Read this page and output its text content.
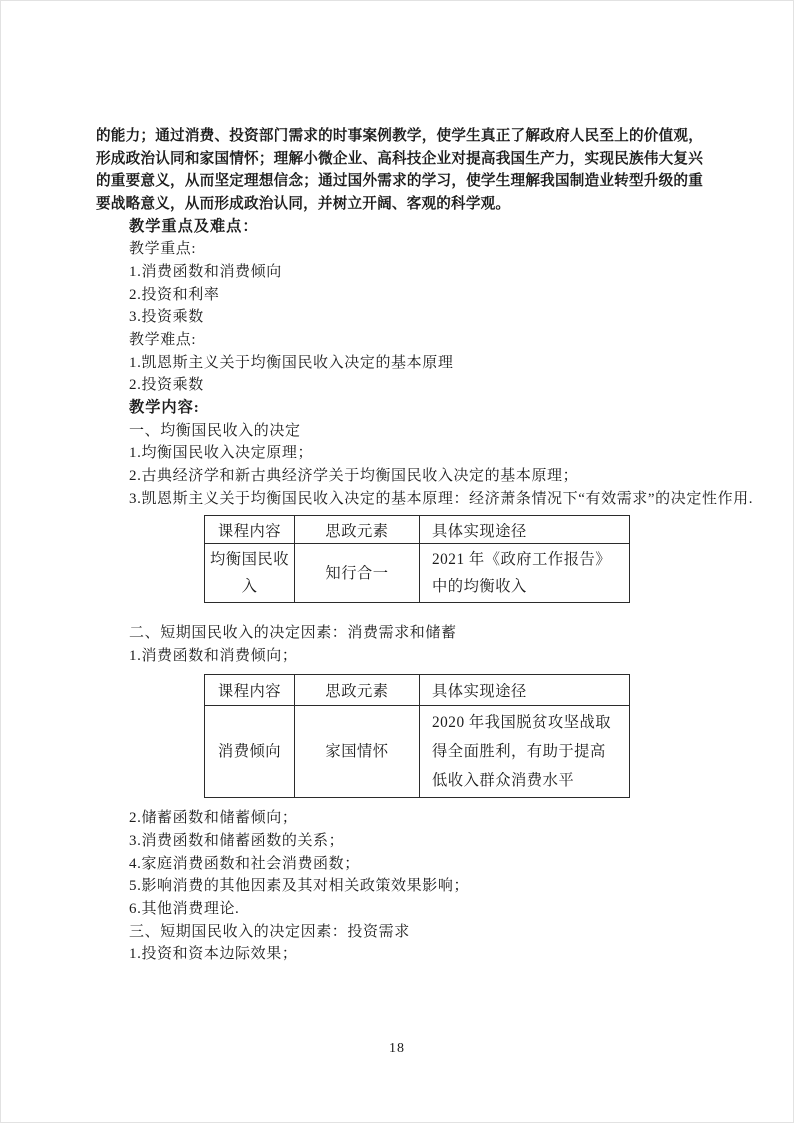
的能力；通过消费、投资部门需求的时事案例教学，使学生真正了解政府人民至上的价值观，形成政治认同和家国情怀；理解小微企业、高科技企业对提高我国生产力，实现民族伟大复兴的重要意义，从而坚定理想信念；通过国外需求的学习，使学生理解我国制造业转型升级的重要战略意义，从而形成政治认同，并树立开阔、客观的科学观。

教学重点及难点：
教学重点:
1.消费函数和消费倾向
2.投资和利率
3.投资乘数
教学难点:
1.凯恩斯主义关于均衡国民收入决定的基本原理
2.投资乘数
教学内容:
一、均衡国民收入的决定
1.均衡国民收入决定原理；
2.古典经济学和新古典经济学关于均衡国民收入决定的基本原理；
3.凯恩斯主义关于均衡国民收入决定的基本原理：经济萧条情况下“有效需求”的决定性作用.
课程内容	思政元素	具体实现途径
均衡国民收入	知行合一	2021 年《政府工作报告》中的均衡收入
二、短期国民收入的决定因素：消费需求和储蓄
1.消费函数和消费倾向；
课程内容	思政元素	具体实现途径
消费倾向	家国情怀	2020 年我国脱贫攻坚战取得全面胜利，有助于提高低收入群众消费水平
2.储蓄函数和储蓄倾向；
3.消费函数和储蓄函数的关系；
4.家庭消费函数和社会消费函数；
5.影响消费的其他因素及其对相关政策效果影响；
6.其他消费理论.
三、短期国民收入的决定因素：投资需求
1.投资和资本边际效果；
18
